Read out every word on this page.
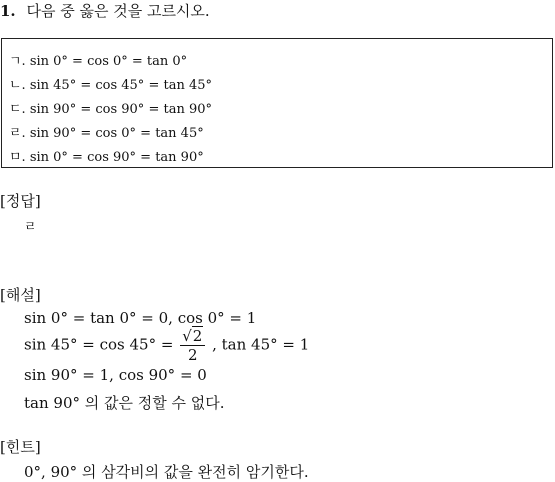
1. 다음 중 옳은 것을 고르시오.
ㄱ. sin 0° = cos 0° = tan 0°
ㄴ. sin 45° = cos 45° = tan 45°
ㄷ. sin 90° = cos 90° = tan 90°
ㄹ. sin 90° = cos 0° = tan 45°
ㅁ. sin 0° = cos 90° = tan 90°
[정답]
ㄹ
[해설]
sin 0° = tan 0° = 0, cos 0° = 1
$\sin 45^\circ = \cos 45^\circ = \frac{√2}{2}$ , tan 45° = 1
sin 90° = 1, cos 90° = 0
tan 90° 의 값은 정할 수 없다.
[힌트]
0°, 90° 의 삼각비의 값을 완전히 암기한다.
